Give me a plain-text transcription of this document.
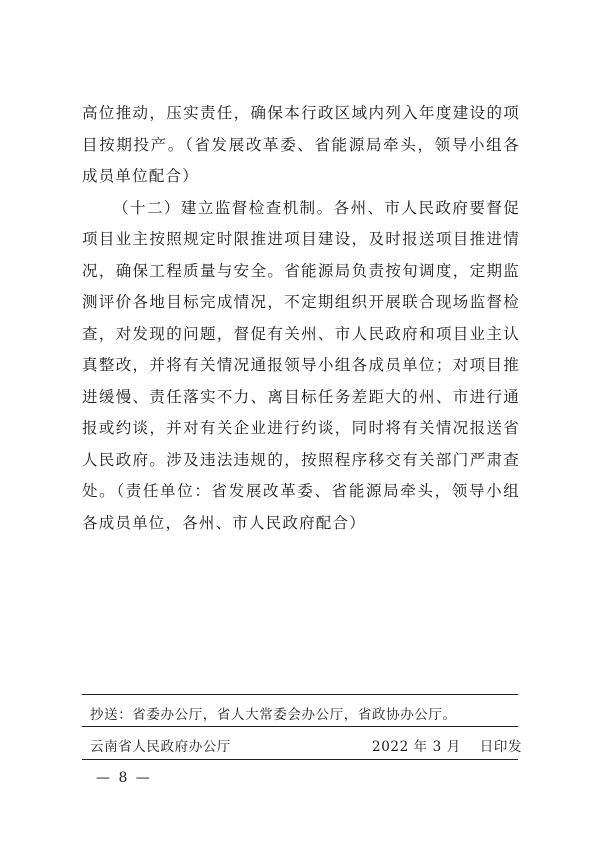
高位推动，压实责任，确保本行政区域内列入年度建设的项目按期投产。（省发展改革委、省能源局牵头，领导小组各成员单位配合）

（十二）建立监督检查机制。各州、市人民政府要督促项目业主按照规定时限推进项目建设，及时报送项目推进情况，确保工程质量与安全。省能源局负责按旬调度，定期监测评价各地目标完成情况，不定期组织开展联合现场监督检查，对发现的问题，督促有关州、市人民政府和项目业主认真整改，并将有关情况通报领导小组各成员单位；对项目推进缓慢、责任落实不力、离目标任务差距大的州、市进行通报或约谈，并对有关企业进行约谈，同时将有关情况报送省人民政府。涉及违法违规的，按照程序移交有关部门严肃查处。（责任单位：省发展改革委、省能源局牵头，领导小组各成员单位，各州、市人民政府配合）

抄送：省委办公厅，省人大常委会办公厅，省政协办公厅。
云南省人民政府办公厅	2022 年 3 月　 日印发
— 8 —
